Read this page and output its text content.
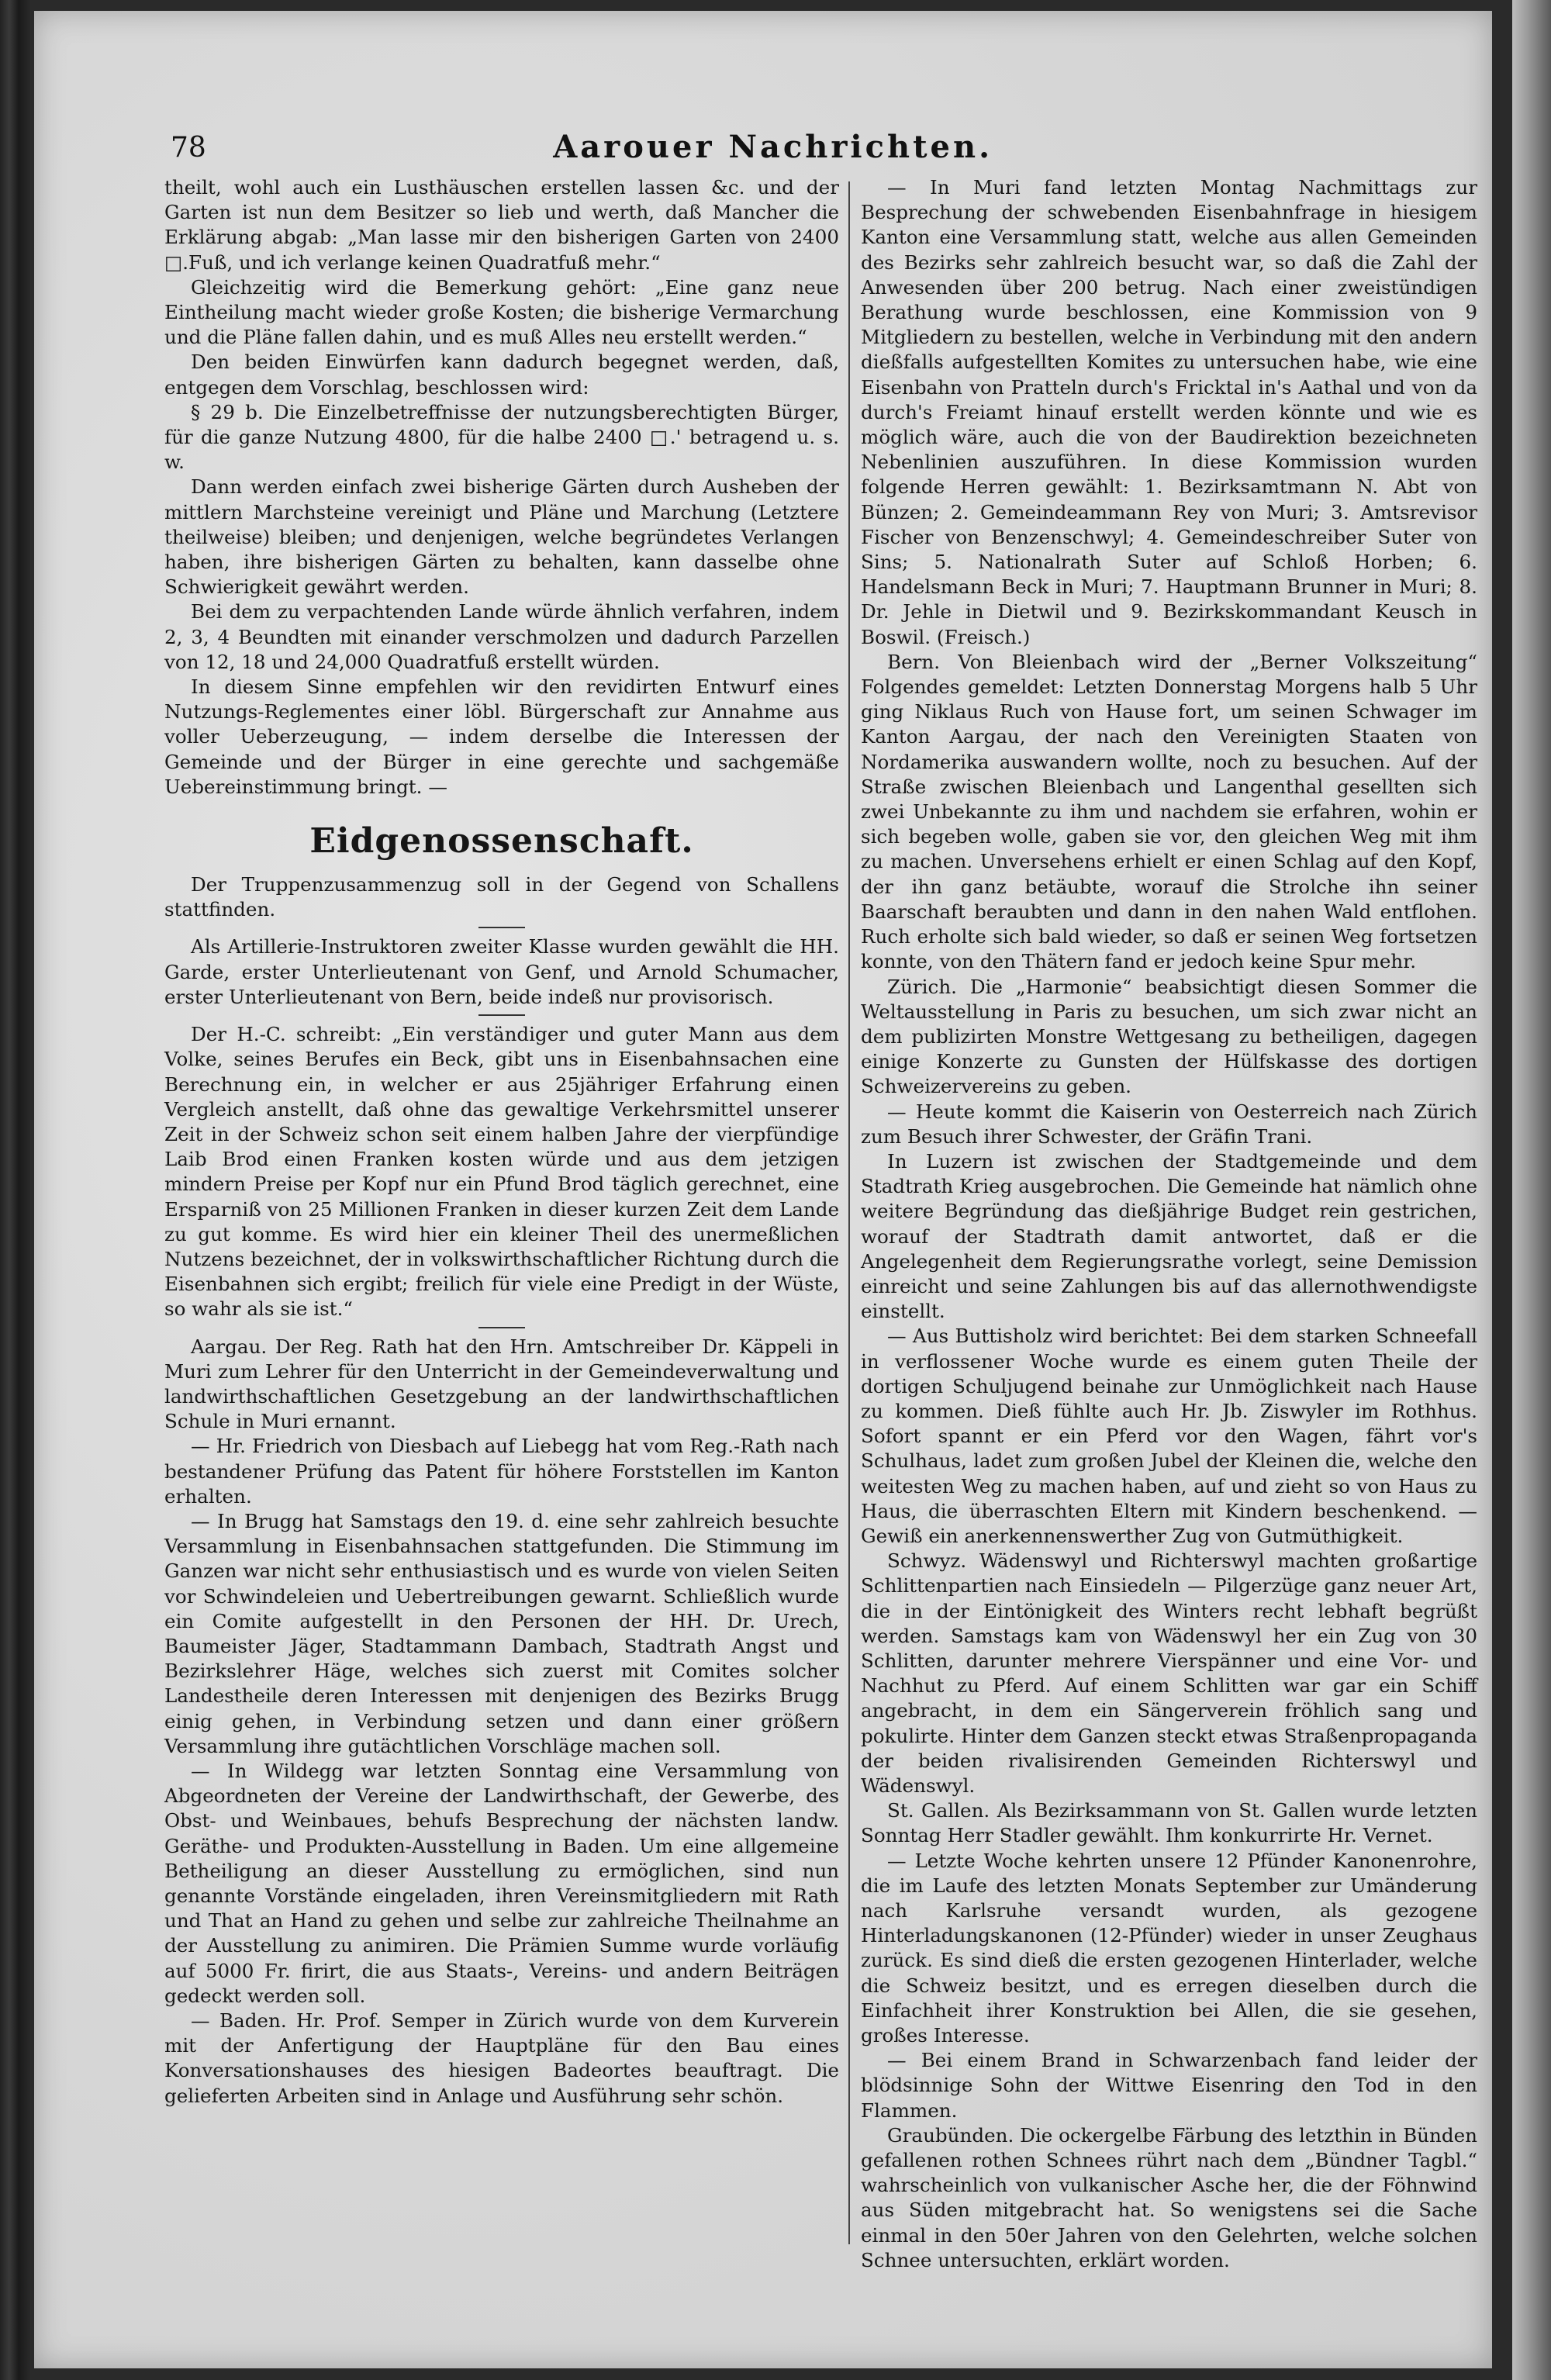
78	Aarouer Nachrichten.

theilt, wohl auch ein Lusthäuschen erstellen lassen &c. und der Garten ist nun dem Besitzer so lieb und werth, daß Mancher die Erklärung abgab: „Man lasse mir den bisherigen Garten von 2400 □.Fuß, und ich verlange keinen Quadratfuß mehr.“

Gleichzeitig wird die Bemerkung gehört: „Eine ganz neue Eintheilung macht wieder große Kosten; die bisherige Vermarchung und die Pläne fallen dahin, und es muß Alles neu erstellt werden.“

Den beiden Einwürfen kann dadurch begegnet werden, daß, entgegen dem Vorschlag, beschlossen wird:

§ 29 b. Die Einzelbetreffnisse der nutzungsberechtigten Bürger, für die ganze Nutzung 4800, für die halbe 2400 □.' betragend u. s. w.

Dann werden einfach zwei bisherige Gärten durch Ausheben der mittlern Marchsteine vereinigt und Pläne und Marchung (Letztere theilweise) bleiben; und denjenigen, welche begründetes Verlangen haben, ihre bisherigen Gärten zu behalten, kann dasselbe ohne Schwierigkeit gewährt werden.

Bei dem zu verpachtenden Lande würde ähnlich verfahren, indem 2, 3, 4 Beundten mit einander verschmolzen und dadurch Parzellen von 12, 18 und 24,000 Quadratfuß erstellt würden.

In diesem Sinne empfehlen wir den revidirten Entwurf eines Nutzungs-Reglementes einer löbl. Bürgerschaft zur Annahme aus voller Ueberzeugung, — indem derselbe die Interessen der Gemeinde und der Bürger in eine gerechte und sachgemäße Uebereinstimmung bringt. —

Eidgenossenschaft.

Der Truppenzusammenzug soll in der Gegend von Schallens stattfinden.

Als Artillerie-Instruktoren zweiter Klasse wurden gewählt die HH. Garde, erster Unterlieutenant von Genf, und Arnold Schumacher, erster Unterlieutenant von Bern, beide indeß nur provisorisch.

Der H.-C. schreibt: „Ein verständiger und guter Mann aus dem Volke, seines Berufes ein Beck, gibt uns in Eisenbahnsachen eine Berechnung ein, in welcher er aus 25jähriger Erfahrung einen Vergleich anstellt, daß ohne das gewaltige Verkehrsmittel unserer Zeit in der Schweiz schon seit einem halben Jahre der vierpfündige Laib Brod einen Franken kosten würde und aus dem jetzigen mindern Preise per Kopf nur ein Pfund Brod täglich gerechnet, eine Ersparniß von 25 Millionen Franken in dieser kurzen Zeit dem Lande zu gut komme. Es wird hier ein kleiner Theil des unermeßlichen Nutzens bezeichnet, der in volkswirthschaftlicher Richtung durch die Eisenbahnen sich ergibt; freilich für viele eine Predigt in der Wüste, so wahr als sie ist.“

Aargau. Der Reg. Rath hat den Hrn. Amtschreiber Dr. Käppeli in Muri zum Lehrer für den Unterricht in der Gemeindeverwaltung und landwirthschaftlichen Gesetzgebung an der landwirthschaftlichen Schule in Muri ernannt.

— Hr. Friedrich von Diesbach auf Liebegg hat vom Reg.-Rath nach bestandener Prüfung das Patent für höhere Forststellen im Kanton erhalten.

— In Brugg hat Samstags den 19. d. eine sehr zahlreich besuchte Versammlung in Eisenbahnsachen stattgefunden. Die Stimmung im Ganzen war nicht sehr enthusiastisch und es wurde von vielen Seiten vor Schwindeleien und Uebertreibungen gewarnt. Schließlich wurde ein Comite aufgestellt in den Personen der HH. Dr. Urech, Baumeister Jäger, Stadtammann Dambach, Stadtrath Angst und Bezirkslehrer Häge, welches sich zuerst mit Comites solcher Landestheile deren Interessen mit denjenigen des Bezirks Brugg einig gehen, in Verbindung setzen und dann einer größern Versammlung ihre gutächtlichen Vorschläge machen soll.

— In Wildegg war letzten Sonntag eine Versammlung von Abgeordneten der Vereine der Landwirthschaft, der Gewerbe, des Obst- und Weinbaues, behufs Besprechung der nächsten landw. Geräthe- und Produkten-Ausstellung in Baden. Um eine allgemeine Betheiligung an dieser Ausstellung zu ermöglichen, sind nun genannte Vorstände eingeladen, ihren Vereinsmitgliedern mit Rath und That an Hand zu gehen und selbe zur zahlreiche Theilnahme an der Ausstellung zu animiren. Die Prämien Summe wurde vorläufig auf 5000 Fr. firirt, die aus Staats-, Vereins- und andern Beiträgen gedeckt werden soll.

— Baden. Hr. Prof. Semper in Zürich wurde von dem Kurverein mit der Anfertigung der Hauptpläne für den Bau eines Konversationshauses des hiesigen Badeortes beauftragt. Die gelieferten Arbeiten sind in Anlage und Ausführung sehr schön.

— In Muri fand letzten Montag Nachmittags zur Besprechung der schwebenden Eisenbahnfrage in hiesigem Kanton eine Versammlung statt, welche aus allen Gemeinden des Bezirks sehr zahlreich besucht war, so daß die Zahl der Anwesenden über 200 betrug. Nach einer zweistündigen Berathung wurde beschlossen, eine Kommission von 9 Mitgliedern zu bestellen, welche in Verbindung mit den andern dießfalls aufgestellten Komites zu untersuchen habe, wie eine Eisenbahn von Pratteln durch's Fricktal in's Aathal und von da durch's Freiamt hinauf erstellt werden könnte und wie es möglich wäre, auch die von der Baudirektion bezeichneten Nebenlinien auszuführen. In diese Kommission wurden folgende Herren gewählt: 1. Bezirksamtmann N. Abt von Bünzen; 2. Gemeindeammann Rey von Muri; 3. Amtsrevisor Fischer von Benzenschwyl; 4. Gemeindeschreiber Suter von Sins; 5. Nationalrath Suter auf Schloß Horben; 6. Handelsmann Beck in Muri; 7. Hauptmann Brunner in Muri; 8. Dr. Jehle in Dietwil und 9. Bezirkskommandant Keusch in Boswil. (Freisch.)

Bern. Von Bleienbach wird der „Berner Volkszeitung“ Folgendes gemeldet: Letzten Donnerstag Morgens halb 5 Uhr ging Niklaus Ruch von Hause fort, um seinen Schwager im Kanton Aargau, der nach den Vereinigten Staaten von Nordamerika auswandern wollte, noch zu besuchen. Auf der Straße zwischen Bleienbach und Langenthal gesellten sich zwei Unbekannte zu ihm und nachdem sie erfahren, wohin er sich begeben wolle, gaben sie vor, den gleichen Weg mit ihm zu machen. Unversehens erhielt er einen Schlag auf den Kopf, der ihn ganz betäubte, worauf die Strolche ihn seiner Baarschaft beraubten und dann in den nahen Wald entflohen. Ruch erholte sich bald wieder, so daß er seinen Weg fortsetzen konnte, von den Thätern fand er jedoch keine Spur mehr.

Zürich. Die „Harmonie“ beabsichtigt diesen Sommer die Weltausstellung in Paris zu besuchen, um sich zwar nicht an dem publizirten Monstre Wettgesang zu betheiligen, dagegen einige Konzerte zu Gunsten der Hülfskasse des dortigen Schweizervereins zu geben.

— Heute kommt die Kaiserin von Oesterreich nach Zürich zum Besuch ihrer Schwester, der Gräfin Trani.

In Luzern ist zwischen der Stadtgemeinde und dem Stadtrath Krieg ausgebrochen. Die Gemeinde hat nämlich ohne weitere Begründung das dießjährige Budget rein gestrichen, worauf der Stadtrath damit antwortet, daß er die Angelegenheit dem Regierungsrathe vorlegt, seine Demission einreicht und seine Zahlungen bis auf das allernothwendigste einstellt.

— Aus Buttisholz wird berichtet: Bei dem starken Schneefall in verflossener Woche wurde es einem guten Theile der dortigen Schuljugend beinahe zur Unmöglichkeit nach Hause zu kommen. Dieß fühlte auch Hr. Jb. Ziswyler im Rothhus. Sofort spannt er ein Pferd vor den Wagen, fährt vor's Schulhaus, ladet zum großen Jubel der Kleinen die, welche den weitesten Weg zu machen haben, auf und zieht so von Haus zu Haus, die überraschten Eltern mit Kindern beschenkend. — Gewiß ein anerkennenswerther Zug von Gutmüthigkeit.

Schwyz. Wädenswyl und Richterswyl machten großartige Schlittenpartien nach Einsiedeln — Pilgerzüge ganz neuer Art, die in der Eintönigkeit des Winters recht lebhaft begrüßt werden. Samstags kam von Wädenswyl her ein Zug von 30 Schlitten, darunter mehrere Vierspänner und eine Vor- und Nachhut zu Pferd. Auf einem Schlitten war gar ein Schiff angebracht, in dem ein Sängerverein fröhlich sang und pokulirte. Hinter dem Ganzen steckt etwas Straßenpropaganda der beiden rivalisirenden Gemeinden Richterswyl und Wädenswyl.

St. Gallen. Als Bezirksammann von St. Gallen wurde letzten Sonntag Herr Stadler gewählt. Ihm konkurrirte Hr. Vernet.

— Letzte Woche kehrten unsere 12 Pfünder Kanonenrohre, die im Laufe des letzten Monats September zur Umänderung nach Karlsruhe versandt wurden, als gezogene Hinterladungskanonen (12-Pfünder) wieder in unser Zeughaus zurück. Es sind dieß die ersten gezogenen Hinterlader, welche die Schweiz besitzt, und es erregen dieselben durch die Einfachheit ihrer Konstruktion bei Allen, die sie gesehen, großes Interesse.

— Bei einem Brand in Schwarzenbach fand leider der blödsinnige Sohn der Wittwe Eisenring den Tod in den Flammen.

Graubünden. Die ockergelbe Färbung des letzthin in Bünden gefallenen rothen Schnees rührt nach dem „Bündner Tagbl.“ wahrscheinlich von vulkanischer Asche her, die der Föhnwind aus Süden mitgebracht hat. So wenigstens sei die Sache einmal in den 50er Jahren von den Gelehrten, welche solchen Schnee untersuchten, erklärt worden.
